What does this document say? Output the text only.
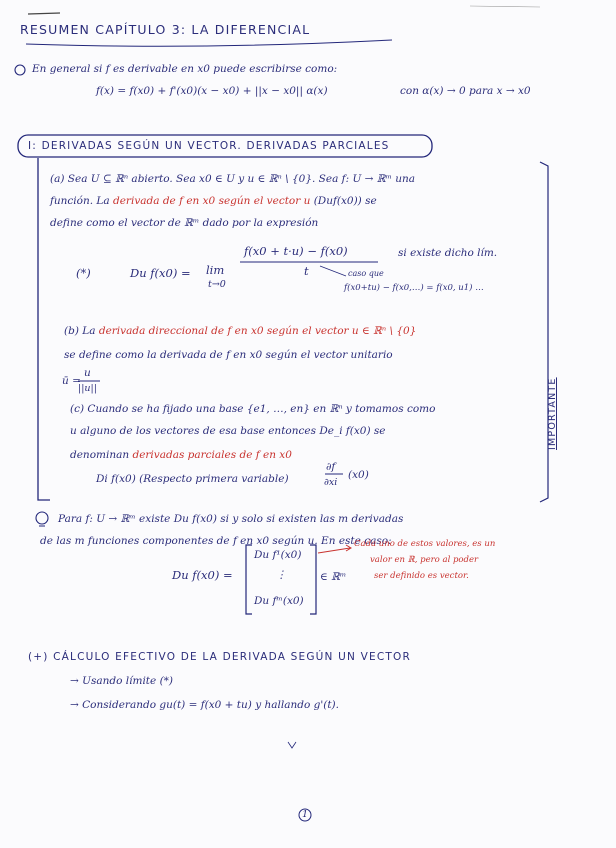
RESUMEN CAPÍTULO 3: LA DIFERENCIAL
En general si f es derivable en x0 puede escribirse como:
f(x) = f(x0) + f'(x0)(x − x0) + ||x − x0|| α(x)	con α(x) → 0 para x → x0
I: DERIVADAS SEGÚN UN VECTOR. DERIVADAS PARCIALES
(a) Sea U ⊆ ℝⁿ abierto. Sea x0 ∈ U y u ∈ ℝⁿ \ {0}. Sea f: U → ℝᵐ una
función. La derivada de f en x0 según el vector u (Duf(x0)) se
define como el vector de ℝᵐ dado por la expresión
(*)	Du f(x0) = lim
t→0
f(x0 + t·u) − f(x0)
t
si existe dicho lím.
caso que
f(x0+tu) − f(x0,…) = f(x0, u1) …
(b) La derivada direccional de f en x0 según el vector u ∈ ℝⁿ \ {0}
se define como la derivada de f en x0 según el vector unitario
ū =
u
||u||
(c) Cuando se ha fijado una base {e1, …, en} en ℝⁿ y tomamos como
u alguno de los vectores de esa base entonces De_i f(x0) se
denominan derivadas parciales de f en x0
Di f(x0) (Respecto primera variable)
∂f
∂xi
(x0)
IMPORTANTE
Para f: U → ℝᵐ existe Du f(x0) si y solo si existen las m derivadas
de las m funciones componentes de f en x0 según u. En este caso:
Du f(x0) =
Du f¹(x0)
⋮
Du fᵐ(x0)
∈ ℝᵐ
Cada uno de estos valores, es un
valor en ℝ, pero al poder
ser definido es vector.
(+) CÁLCULO EFECTIVO DE LA DERIVADA SEGÚN UN VECTOR
→ Usando límite (*)
→ Considerando gu(t) = f(x0 + tu) y hallando g'(t).
1
